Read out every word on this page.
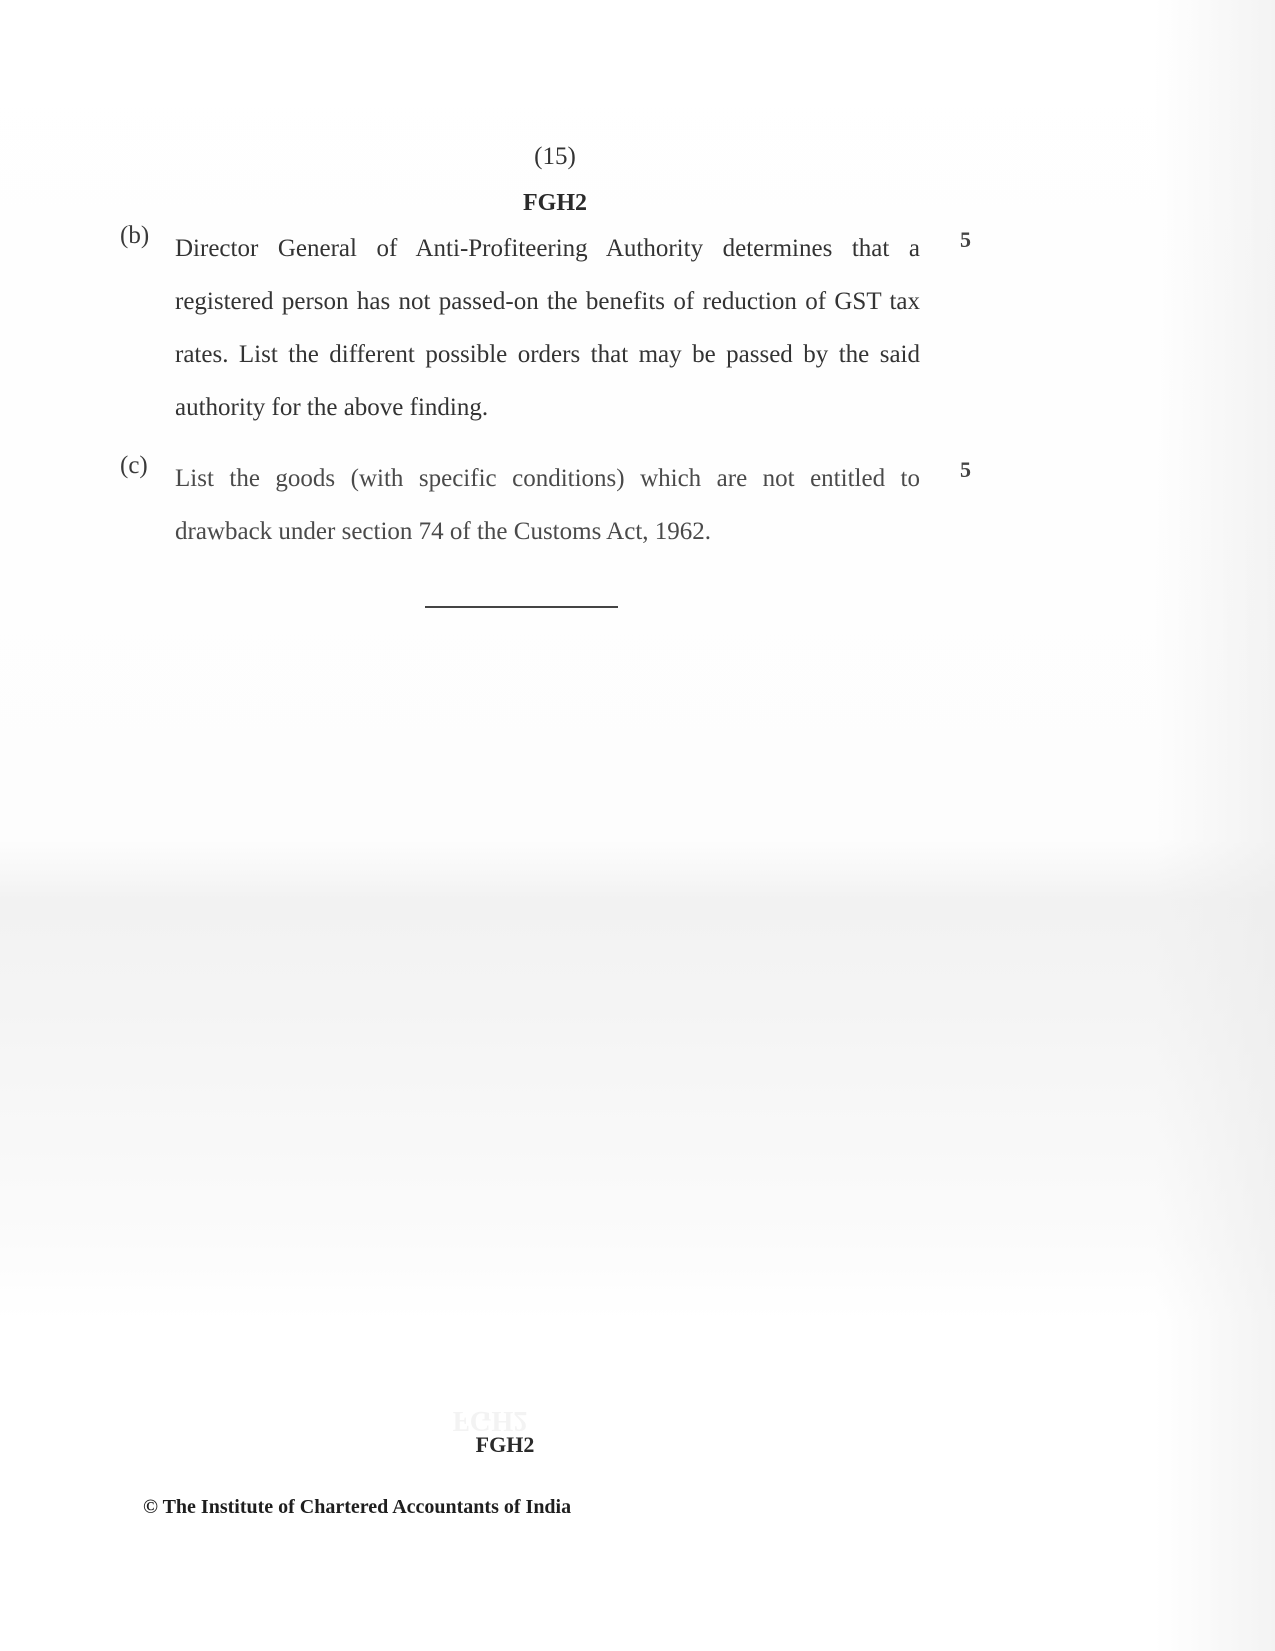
(15)
FGH2
(b) Director General of Anti-Profiteering Authority determines that a registered person has not passed-on the benefits of reduction of GST tax rates. List the different possible orders that may be passed by the said authority for the above finding.
5
(c) List the goods (with specific conditions) which are not entitled to drawback under section 74 of the Customs Act, 1962.
5
FGH2
FGH2
© The Institute of Chartered Accountants of India
